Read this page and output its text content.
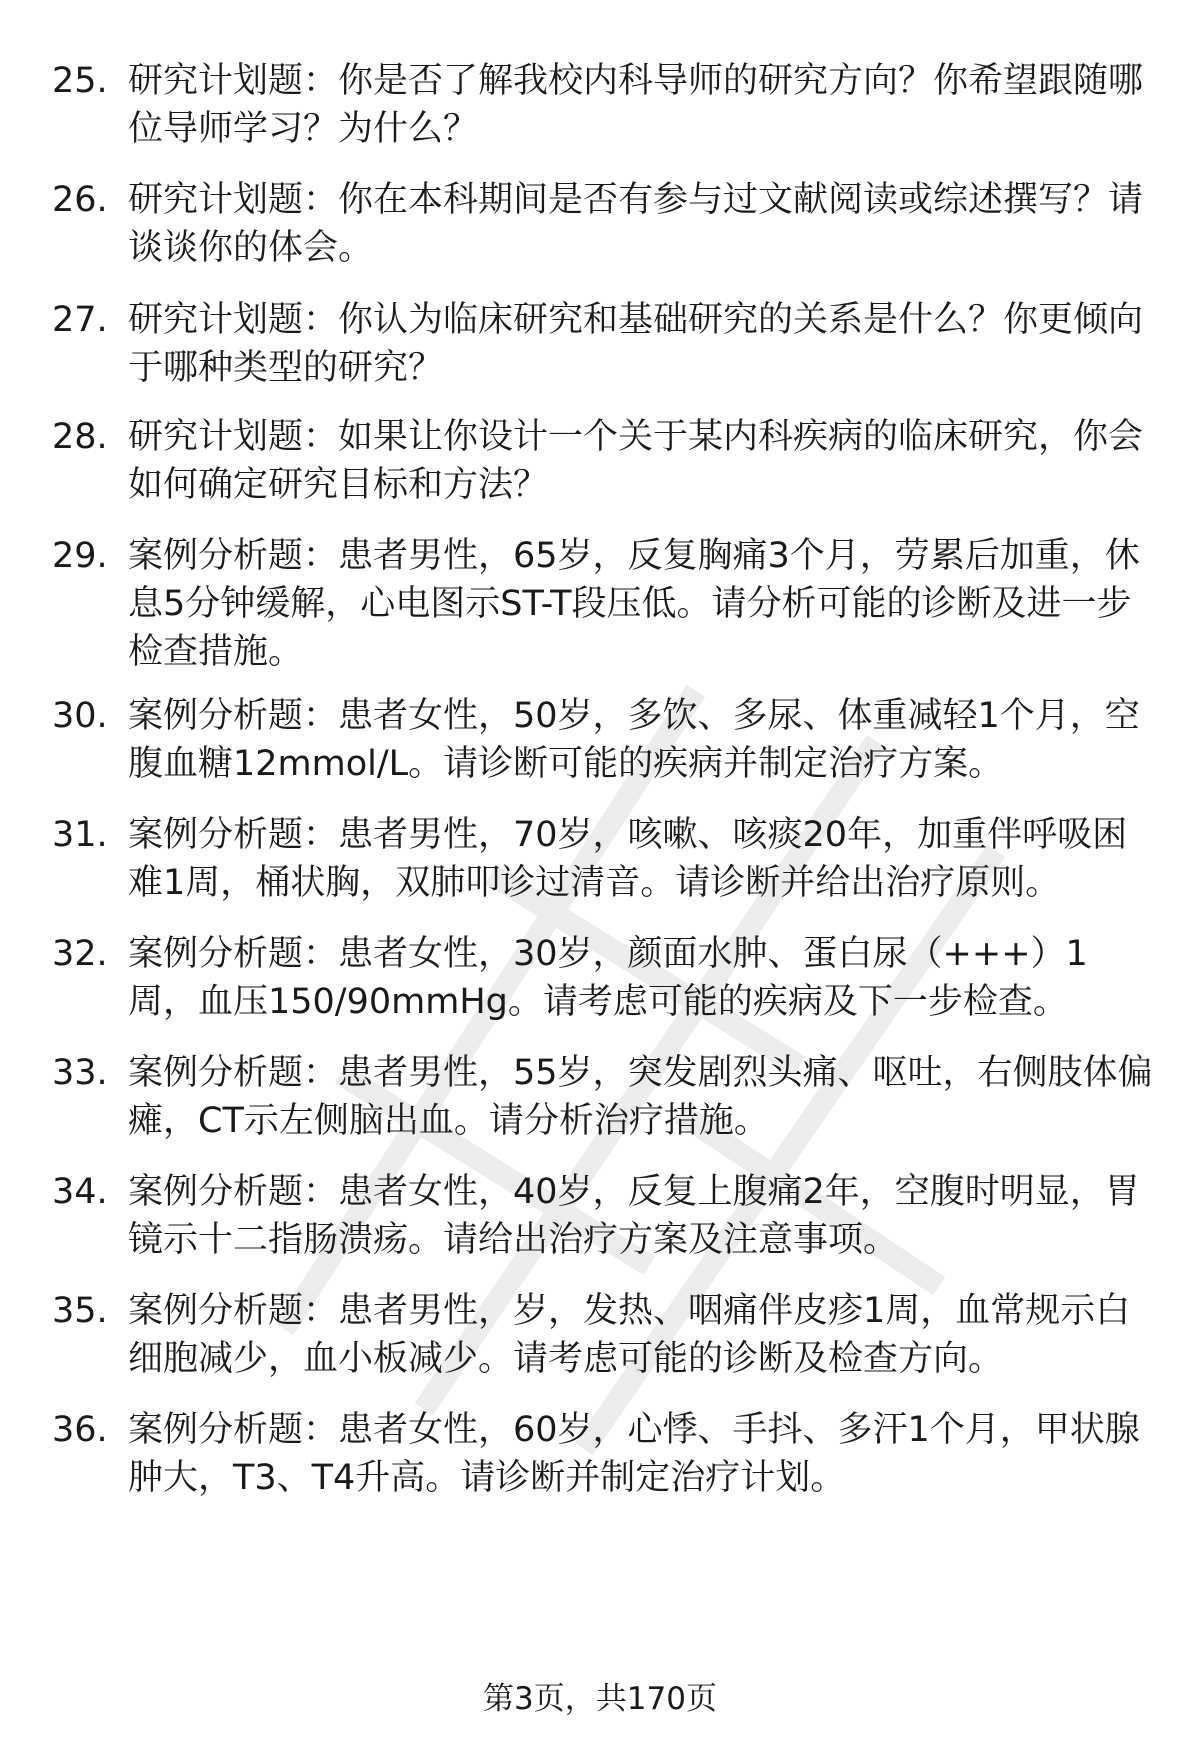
25. 研究计划题：你是否了解我校内科导师的研究方向？你希望跟随哪位导师学习？为什么？
26. 研究计划题：你在本科期间是否有参与过文献阅读或综述撰写？请谈谈你的体会。
27. 研究计划题：你认为临床研究和基础研究的关系是什么？你更倾向于哪种类型的研究？
28. 研究计划题：如果让你设计一个关于某内科疾病的临床研究，你会如何确定研究目标和方法？
29. 案例分析题：患者男性，65岁，反复胸痛3个月，劳累后加重，休息5分钟缓解，心电图示ST-T段压低。请分析可能的诊断及进一步检查措施。
30. 案例分析题：患者女性，50岁，多饮、多尿、体重减轻1个月，空腹血糖12mmol/L。请诊断可能的疾病并制定治疗方案。
31. 案例分析题：患者男性，70岁，咳嗽、咳痰20年，加重伴呼吸困难1周，桶状胸，双肺叩诊过清音。请诊断并给出治疗原则。
32. 案例分析题：患者女性，30岁，颜面水肿、蛋白尿（+++）1周，血压150/90mmHg。请考虑可能的疾病及下一步检查。
33. 案例分析题：患者男性，55岁，突发剧烈头痛、呕吐，右侧肢体偏瘫，CT示左侧脑出血。请分析治疗措施。
34. 案例分析题：患者女性，40岁，反复上腹痛2年，空腹时明显，胃镜示十二指肠溃疡。请给出治疗方案及注意事项。
35. 案例分析题：患者男性，岁，发热、咽痛伴皮疹1周，血常规示白细胞减少，血小板减少。请考虑可能的诊断及检查方向。
36. 案例分析题：患者女性，60岁，心悸、手抖、多汗1个月，甲状腺肿大，T3、T4升高。请诊断并制定治疗计划。
第3页，共170页
